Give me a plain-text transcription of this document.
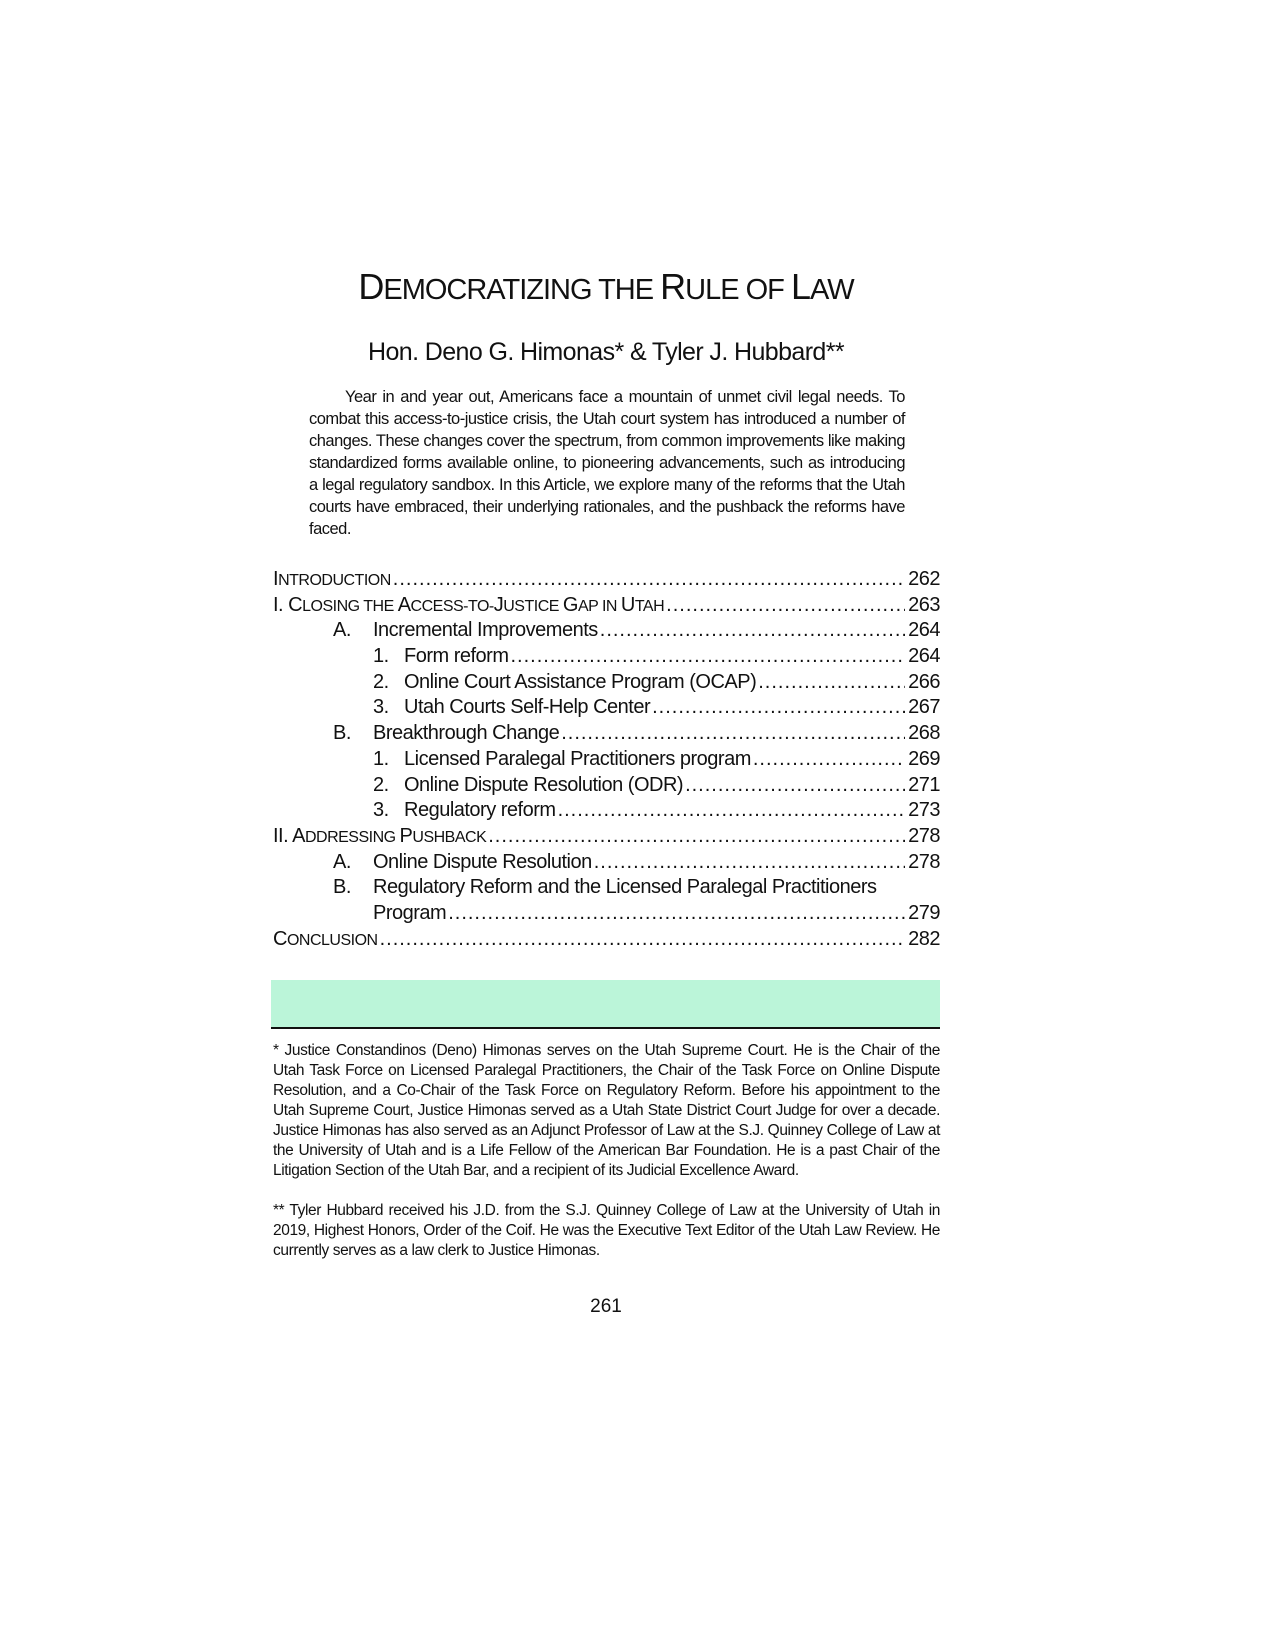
DEMOCRATIZING THE RULE OF LAW
Hon. Deno G. Himonas* & Tyler J. Hubbard**
Year in and year out, Americans face a mountain of unmet civil legal needs. To combat this access-to-justice crisis, the Utah court system has introduced a number of changes. These changes cover the spectrum, from common improvements like making standardized forms available online, to pioneering advancements, such as introducing a legal regulatory sandbox. In this Article, we explore many of the reforms that the Utah courts have embraced, their underlying rationales, and the pushback the reforms have faced.
INTRODUCTION .....	262
I. CLOSING THE ACCESS-TO-JUSTICE GAP IN UTAH .....	263
A.	Incremental Improvements .....	264
1. Form reform .....	264
2. Online Court Assistance Program (OCAP) .....	266
3. Utah Courts Self-Help Center .....	267
B.	Breakthrough Change .....	268
1. Licensed Paralegal Practitioners program .....	269
2. Online Dispute Resolution (ODR) .....	271
3. Regulatory reform .....	273
II. ADDRESSING PUSHBACK .....	278
A.	Online Dispute Resolution .....	278
B.	Regulatory Reform and the Licensed Paralegal Practitioners
Program .....	279
CONCLUSION .....	282
* Justice Constandinos (Deno) Himonas serves on the Utah Supreme Court. He is the Chair of the Utah Task Force on Licensed Paralegal Practitioners, the Chair of the Task Force on Online Dispute Resolution, and a Co-Chair of the Task Force on Regulatory Reform. Before his appointment to the Utah Supreme Court, Justice Himonas served as a Utah State District Court Judge for over a decade. Justice Himonas has also served as an Adjunct Professor of Law at the S.J. Quinney College of Law at the University of Utah and is a Life Fellow of the American Bar Foundation. He is a past Chair of the Litigation Section of the Utah Bar, and a recipient of its Judicial Excellence Award.
** Tyler Hubbard received his J.D. from the S.J. Quinney College of Law at the University of Utah in 2019, Highest Honors, Order of the Coif. He was the Executive Text Editor of the Utah Law Review. He currently serves as a law clerk to Justice Himonas.
261
